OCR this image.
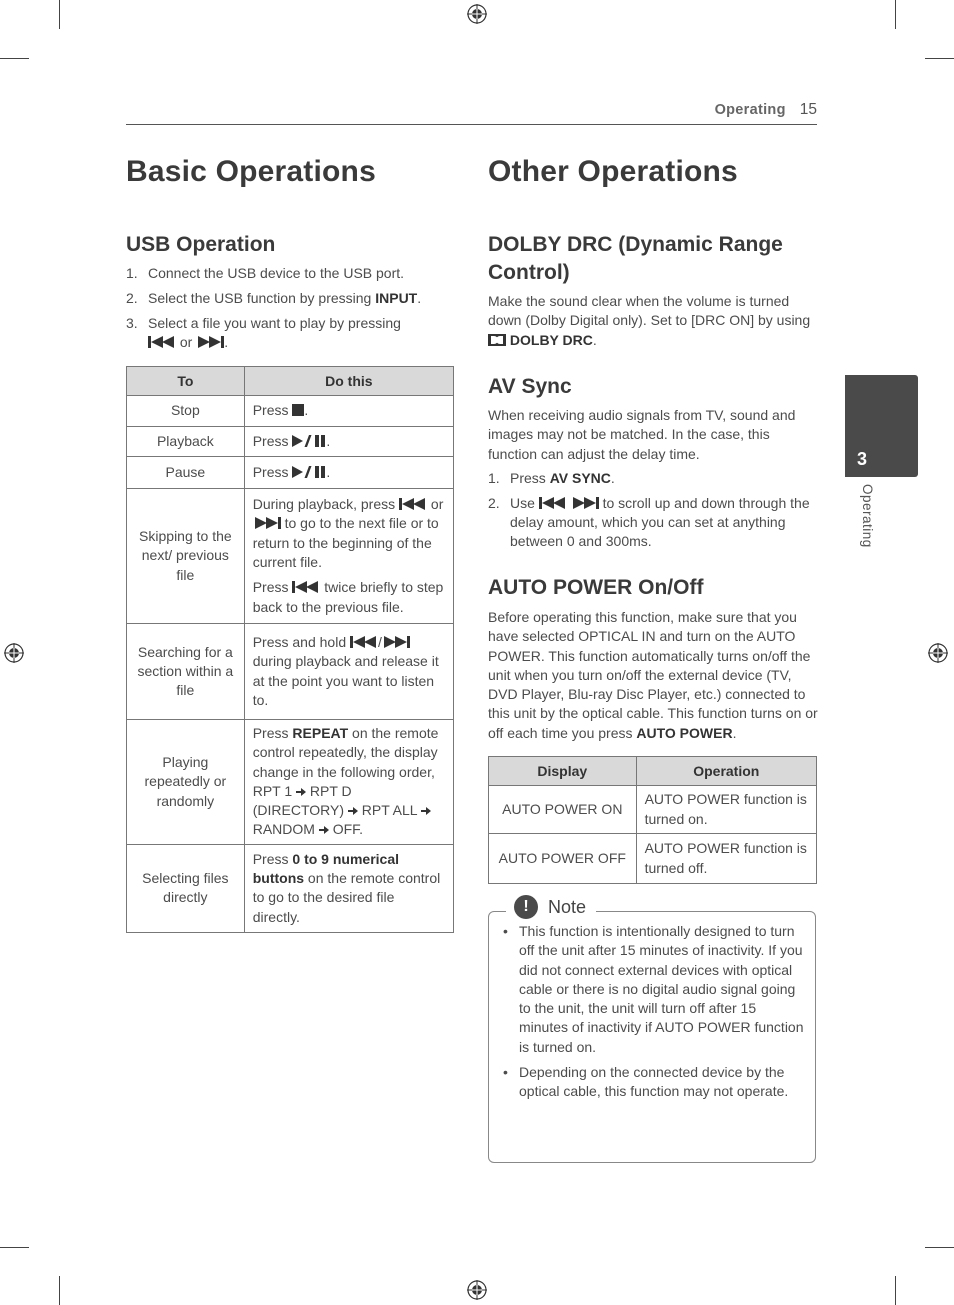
Operating 15
Basic Operations
USB Operation
1. Connect the USB device to the USB port.
2. Select the USB function by pressing INPUT.
3. Select a file you want to play by pressing
or .
To	Do this
Stop	Press .
Playback	Press .
Pause	Press .
Skipping to the next/ previous file	During playback, press  or  to go to the next file or to return to the beginning of the current file.

Press  twice briefly to step back to the previous file.

Searching for a section within a file	Press and hold / during playback and release it at the point you want to listen to.
Playing repeatedly or randomly	Press REPEAT on the remote control repeatedly, the display change in the following order, RPT 1  RPT D (DIRECTORY) RPT ALL  RANDOM OFF.
Selecting files directly	Press 0 to 9 numerical buttons on the remote control to go to the desired file directly.
Other Operations
DOLBY DRC (Dynamic Range Control)
Make the sound clear when the volume is turned down (Dolby Digital only). Set to [DRC ON] by using  DOLBY DRC.
AV Sync
When receiving audio signals from TV, sound and images may not be matched. In the case, this function can adjust the delay time.
1. Press AV SYNC.
2. Use	to scroll up and down through the delay amount, which you can set at anything between 0 and 300ms.
AUTO POWER On/Off
Before operating this function, make sure that you have selected OPTICAL IN and turn on the AUTO POWER. This function automatically turns on/off the unit when you turn on/off the external device (TV, DVD Player, Blu-ray Disc Player, etc.) connected to this unit by the optical cable. This function turns on or off each time you press AUTO POWER.
Display	Operation
AUTO POWER ON	AUTO POWER function is turned on.
AUTO POWER OFF	AUTO POWER function is turned off.
!	Note
• This function is intentionally designed to turn off the unit after 15 minutes of inactivity. If you did not connect external devices with optical cable or there is no digital audio signal going to the unit, the unit will turn off after 15 minutes of inactivity if AUTO POWER function is turned on.
• Depending on the connected device by the optical cable, this function may not operate.
3
Operating
